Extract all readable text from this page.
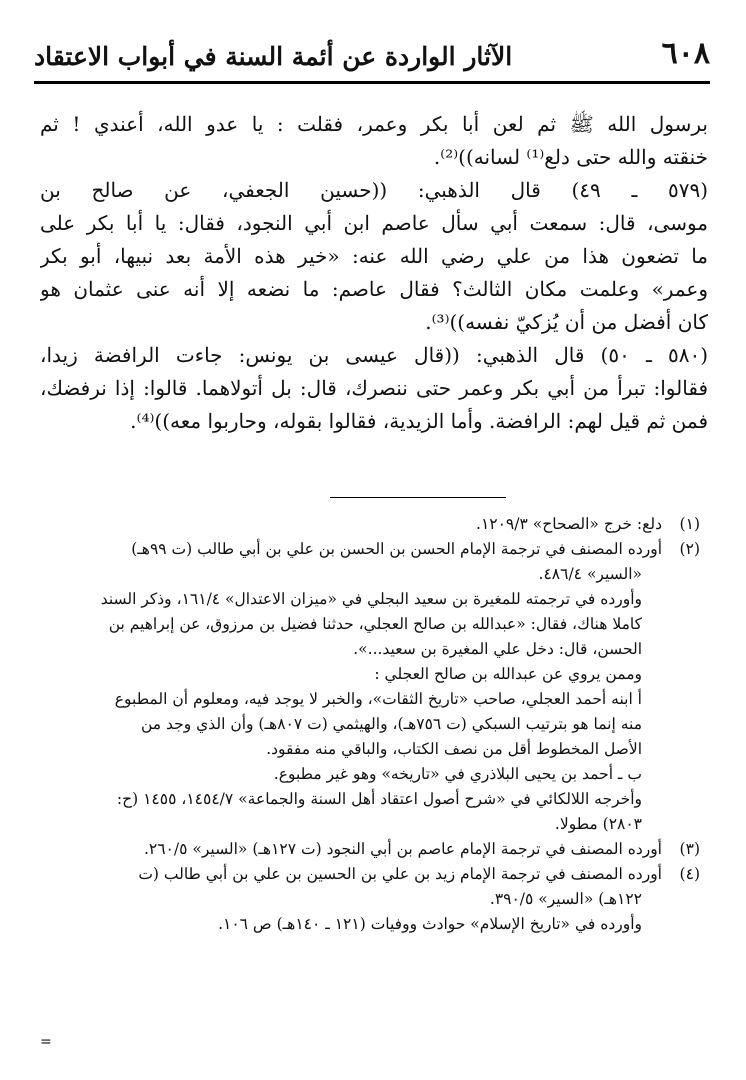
٦٠٨
الآثار الواردة عن أئمة السنة في أبواب الاعتقاد
برسول الله ﷺ ثم لعن أبا بكر وعمر، فقلت : يا عدو الله، أعندي ! ثم
خنقته والله حتى دلع⁽¹⁾ لسانه))⁽²⁾.
(٥٧٩ ـ ٤٩) قال الذهبي: ((حسين الجعفي، عن صالح بن
موسى، قال: سمعت أبي سأل عاصم ابن أبي النجود، فقال: يا أبا بكر على
ما تضعون هذا من علي رضي الله عنه: «خير هذه الأمة بعد نبيها، أبو بكر
وعمر» وعلمت مكان الثالث؟ فقال عاصم: ما نضعه إلا أنه عنى عثمان هو
كان أفضل من أن يُزكيّ نفسه))⁽³⁾.
(٥٨٠ ـ ٥٠) قال الذهبي: ((قال عيسى بن يونس: جاءت الرافضة زيدا،
فقالوا: تبرأ من أبي بكر وعمر حتى ننصرك، قال: بل أتولاهما. قالوا: إذا نرفضك،
فمن ثم قيل لهم: الرافضة. وأما الزيدية، فقالوا بقوله، وحاربوا معه))⁽⁴⁾.
(١)دلع: خرج «الصحاح» ١٢٠٩/٣.
(٢)أورده المصنف في ترجمة الإمام الحسن بن الحسن بن علي بن أبي طالب (ت ٩٩هـ)
«السير» ٤٨٦/٤.
وأورده في ترجمته للمغيرة بن سعيد البجلي في «ميزان الاعتدال» ١٦١/٤، وذكر السند
كاملا هناك، فقال: «عبدالله بن صالح العجلي، حدثنا فضيل بن مرزوق، عن إبراهيم بن
الحسن، قال: دخل علي المغيرة بن سعيد...».
وممن يروي عن عبدالله بن صالح العجلي :
أ ابنه أحمد العجلي، صاحب «تاريخ الثقات»، والخبر لا يوجد فيه، ومعلوم أن المطبوع
منه إنما هو بترتيب السبكي (ت ٧٥٦هـ)، والهيثمي (ت ٨٠٧هـ) وأن الذي وجد من
الأصل المخطوط أقل من نصف الكتاب، والباقي منه مفقود.
ب ـ أحمد بن يحيى البلاذري في «تاريخه» وهو غير مطبوع.
وأخرجه اللالكائي في «شرح أصول اعتقاد أهل السنة والجماعة» ١٤٥٤/٧، ١٤٥٥ (ح:
٢٨٠٣) مطولا.
(٣)أورده المصنف في ترجمة الإمام عاصم بن أبي النجود (ت ١٢٧هـ) «السير» ٢٦٠/٥.
(٤)أورده المصنف في ترجمة الإمام زيد بن علي بن الحسين بن علي بن أبي طالب (ت
١٢٢هـ) «السير» ٣٩٠/٥.
وأورده في «تاريخ الإسلام» حوادث ووفيات (١٢١ ـ ١٤٠هـ) ص ١٠٦.
=
